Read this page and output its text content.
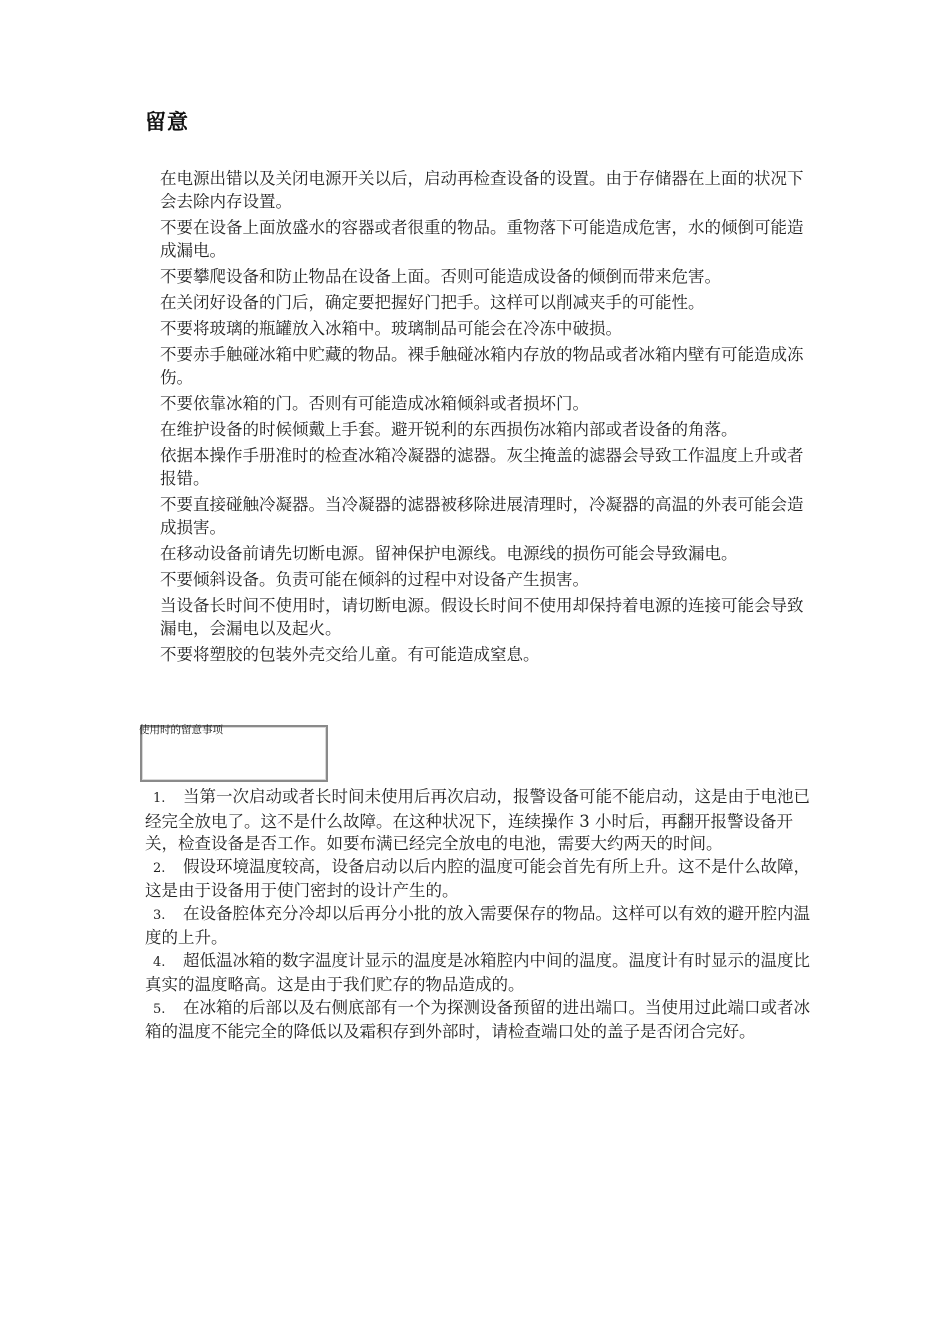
留意
在电源出错以及关闭电源开关以后，启动再检查设备的设置。由于存储器在上面的状况下会去除内存设置。
不要在设备上面放盛水的容器或者很重的物品。重物落下可能造成危害，水的倾倒可能造成漏电。
不要攀爬设备和防止物品在设备上面。否则可能造成设备的倾倒而带来危害。
在关闭好设备的门后，确定要把握好门把手。这样可以削减夹手的可能性。
不要将玻璃的瓶罐放入冰箱中。玻璃制品可能会在冷冻中破损。
不要赤手触碰冰箱中贮藏的物品。裸手触碰冰箱内存放的物品或者冰箱内壁有可能造成冻伤。
不要依靠冰箱的门。否则有可能造成冰箱倾斜或者损坏门。
在维护设备的时候倾戴上手套。避开锐利的东西损伤冰箱内部或者设备的角落。
依据本操作手册准时的检查冰箱冷凝器的滤器。灰尘掩盖的滤器会导致工作温度上升或者报错。
不要直接碰触冷凝器。当冷凝器的滤器被移除进展清理时，冷凝器的高温的外表可能会造成损害。
在移动设备前请先切断电源。留神保护电源线。电源线的损伤可能会导致漏电。
不要倾斜设备。负责可能在倾斜的过程中对设备产生损害。
当设备长时间不使用时，请切断电源。假设长时间不使用却保持着电源的连接可能会导致漏电，会漏电以及起火。
不要将塑胶的包装外壳交给儿童。有可能造成窒息。
使用时的留意事项
1. 当第一次启动或者长时间未使用后再次启动，报警设备可能不能启动，这是由于电池已经完全放电了。这不是什么故障。在这种状况下，连续操作 3 小时后，再翻开报警设备开关，检查设备是否工作。如要布满已经完全放电的电池，需要大约两天的时间。
2. 假设环境温度较高，设备启动以后内腔的温度可能会首先有所上升。这不是什么故障，这是由于设备用于使门密封的设计产生的。
3. 在设备腔体充分冷却以后再分小批的放入需要保存的物品。这样可以有效的避开腔内温度的上升。
4. 超低温冰箱的数字温度计显示的温度是冰箱腔内中间的温度。温度计有时显示的温度比真实的温度略高。这是由于我们贮存的物品造成的。
5. 在冰箱的后部以及右侧底部有一个为探测设备预留的进出端口。当使用过此端口或者冰箱的温度不能完全的降低以及霜积存到外部时，请检查端口处的盖子是否闭合完好。
